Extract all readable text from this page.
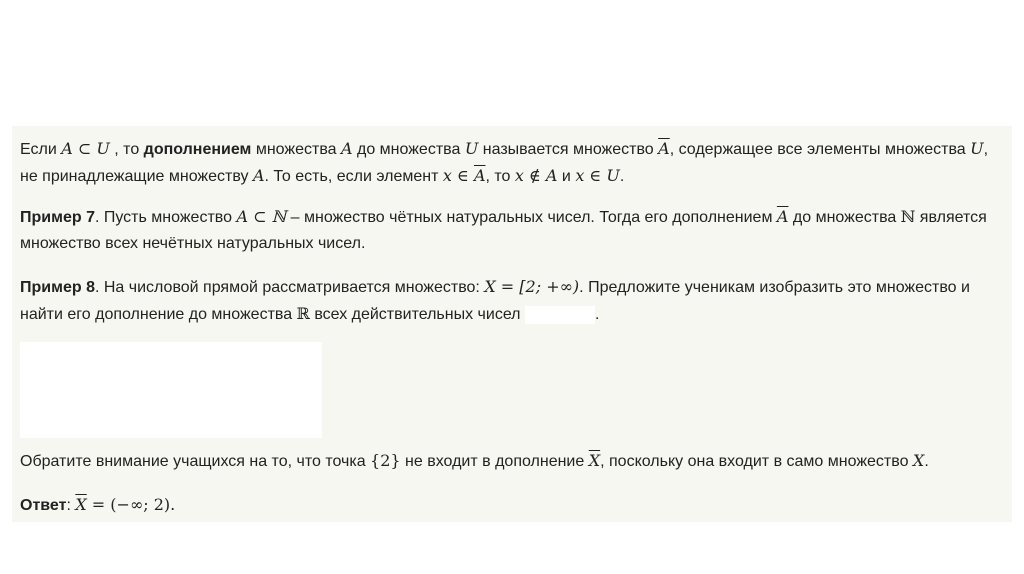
Если A ⊂ U , то дополнением множества A до множества U называется множество $\overline{A}$, содержащее все элементы множества U, не принадлежащие множеству A. То есть, если элемент x ∈ $\overline{A}$, то x ∉ A и x ∈ U.

Пример 7. Пусть множество A ⊂ ℕ – множество чётных натуральных чисел. Тогда его дополнением $\overline{A}$ до множества ℕ является множество всех нечётных натуральных чисел.

Пример 8. На числовой прямой рассматривается множество: X = [2; +∞). Предложите ученикам изобразить это множество и найти его дополнение до множества ℝ всех действительных чисел	.

Обратите внимание учащихся на то, что точка {2} не входит в дополнение $\overline{X}$, поскольку она входит в само множество X.

Ответ: $\overline{X}$ = (−∞; 2).
